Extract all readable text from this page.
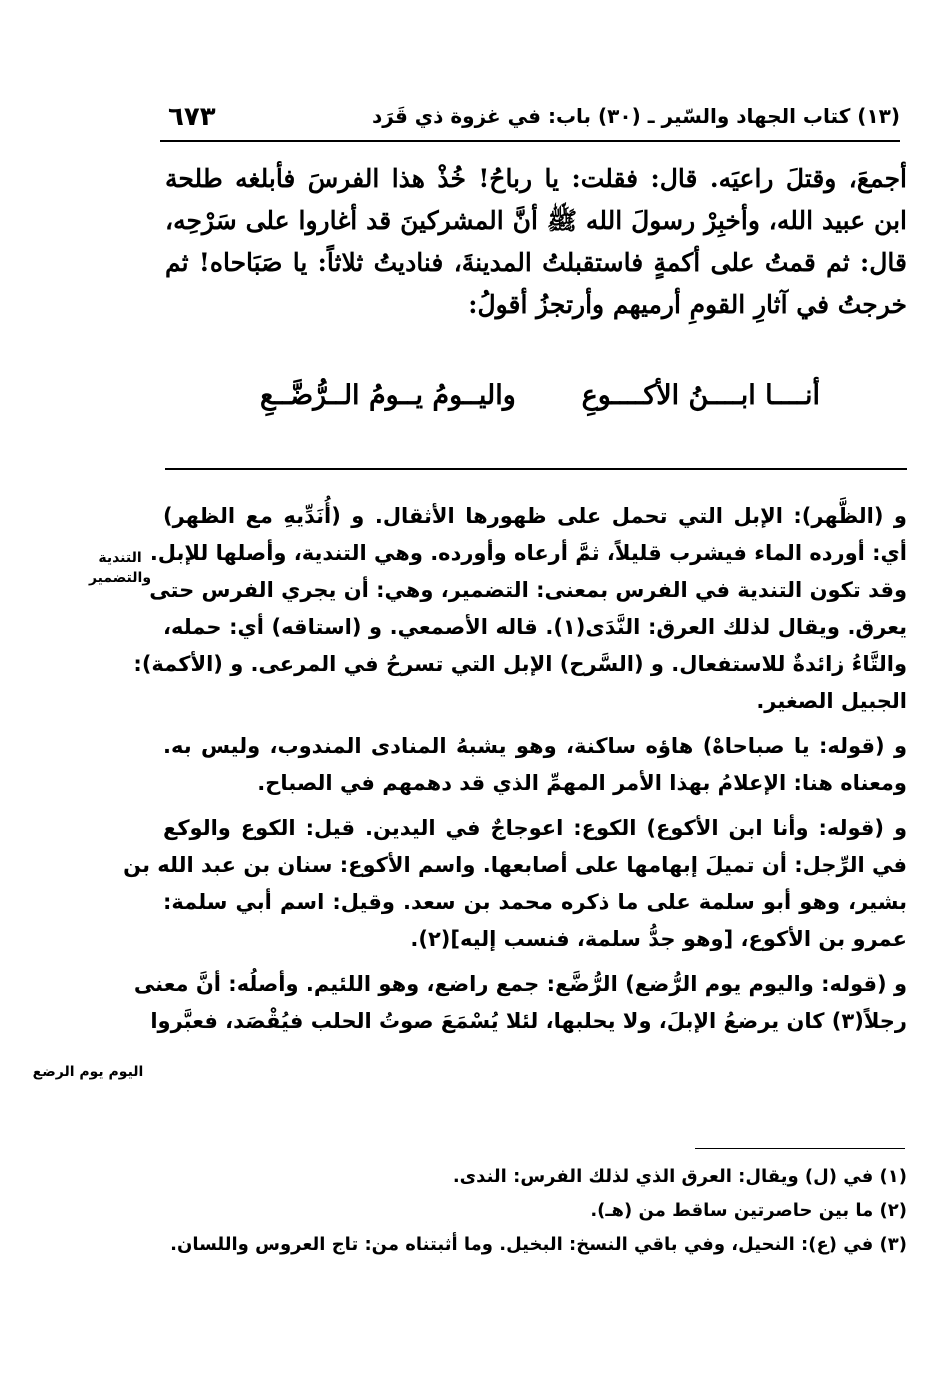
٦٧٣	(١٣) كتاب الجهاد والسّير ـ (٣٠) باب: في غزوة ذي قَرَد
أجمعَ، وقتلَ راعيَه. قال: فقلت: يا رباحُ! خُذْ هذا الفرسَ فأبلغه طلحة
ابن عبيد الله، وأخبِرْ رسولَ الله ﷺ أنَّ المشركينَ قد أغاروا على سَرْحِه،
قال: ثم قمتُ على أكمةٍ فاستقبلتُ المدينةَ، فناديتُ ثلاثاً: يا صَبَاحاه! ثم
خرجتُ في آثارِ القومِ أرميهم وأرتجزُ أقولُ:
أنــــا ابــــنُ الأكــــوعِ
واليــومُ يــومُ الــرُّضَّــعِ
و (الظَّهر): الإبل التي تحمل على ظهورها الأثقال. و (أُنَدِّيهِ مع الظهر)
أي: أورده الماء فيشرب قليلاً، ثمَّ أرعاه وأورده. وهي التندية، وأصلها للإبل.
وقد تكون التندية في الفرس بمعنى: التضمير، وهي: أن يجري الفرس حتى
يعرق. ويقال لذلك العرق: النَّدَى(١). قاله الأصمعي. و (استاقه) أي: حمله،
والتَّاءُ زائدةٌ للاستفعال. و (السَّرح) الإبل التي تسرحُ في المرعى. و (الأكمة):
الجبيل الصغير.
و (قوله: يا صباحاهْ) هاؤه ساكنة، وهو يشبهُ المنادى المندوب، وليس به.
ومعناه هنا: الإعلامُ بهذا الأمر المهمِّ الذي قد دهمهم في الصباح.
و (قوله: وأنا ابن الأكوع) الكوع: اعوجاجٌ في اليدين. قيل: الكوع والوكع
في الرِّجل: أن تميلَ إبهامها على أصابعها. واسم الأكوع: سنان بن عبد الله بن
بشير، وهو أبو سلمة على ما ذكره محمد بن سعد. وقيل: اسم أبي سلمة:
عمرو بن الأكوع، [وهو جدُّ سلمة، فنسب إليه](٢).
و (قوله: واليوم يوم الرُّضع) الرُّضَّع: جمع راضع، وهو اللئيم. وأصلُه: أنَّ معنى
رجلاً(٣) كان يرضعُ الإبلَ، ولا يحلبها، لئلا يُسْمَعَ صوتُ الحلب فيُقْصَد، فعبَّروا
التندية والتضمير
اليوم يوم الرضع
(١) في (ل) ويقال: العرق الذي لذلك الفرس: الندى.
(٢) ما بين حاصرتين ساقط من (هـ).
(٣) في (ع): النحيل، وفي باقي النسخ: البخيل. وما أثبتناه من: تاج العروس واللسان.
